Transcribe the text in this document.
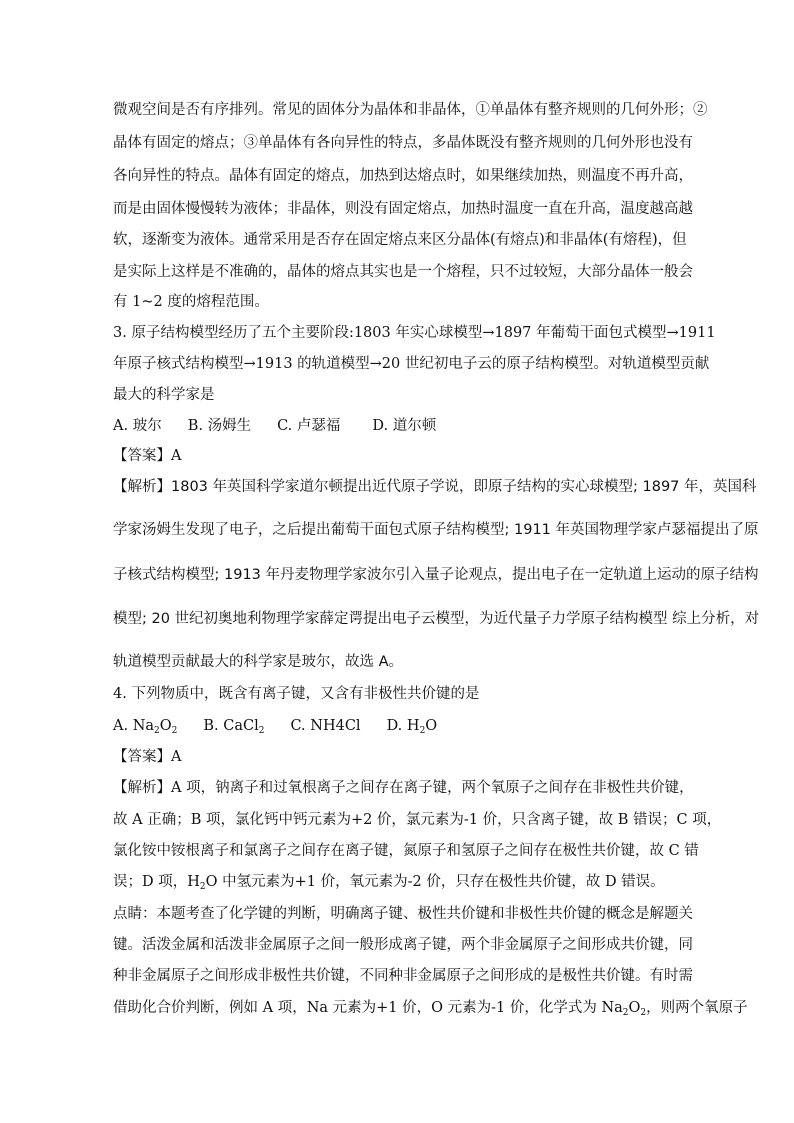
微观空间是否有序排列。常见的固体分为晶体和非晶体，①单晶体有整齐规则的几何外形；②
晶体有固定的熔点；③单晶体有各向异性的特点，多晶体既没有整齐规则的几何外形也没有
各向异性的特点。晶体有固定的熔点，加热到达熔点时，如果继续加热，则温度不再升高，
而是由固体慢慢转为液体；非晶体，则没有固定熔点，加热时温度一直在升高，温度越高越
软，逐渐变为液体。通常采用是否存在固定熔点来区分晶体(有熔点)和非晶体(有熔程)，但
是实际上这样是不准确的，晶体的熔点其实也是一个熔程，只不过较短，大部分晶体一般会
有 1~2 度的熔程范围。
3. 原子结构模型经历了五个主要阶段:1803 年实心球模型→1897 年葡萄干面包式模型→1911
年原子核式结构模型→1913 的轨道模型→20 世纪初电子云的原子结构模型。对轨道模型贡献
最大的科学家是
A. 玻尔 B. 汤姆生 C. 卢瑟福 D. 道尔顿
【答案】A
【解析】1803 年英国科学家道尔顿提出近代原子学说，即原子结构的实心球模型; 1897 年，英国科
学家汤姆生发现了电子，之后提出葡萄干面包式原子结构模型; 1911 年英国物理学家卢瑟福提出了原
子核式结构模型; 1913 年丹麦物理学家波尔引入量子论观点，提出电子在一定轨道上运动的原子结构
模型; 20 世纪初奥地利物理学家薛定谔提出电子云模型，为近代量子力学原子结构模型 综上分析，对
轨道模型贡献最大的科学家是玻尔，故选 A。
4. 下列物质中，既含有离子键，又含有非极性共价键的是
A. $Na_2O_2$ B. CaCl$_2$ C. NH4Cl D. $H_2O$
【答案】A
【解析】A 项，钠离子和过氧根离子之间存在离子键，两个氧原子之间存在非极性共价键，
故 A 正确；B 项，氯化钙中钙元素为+2 价，氯元素为-1 价，只含离子键，故 B 错误；C 项，
氯化铵中铵根离子和氯离子之间存在离子键，氮原子和氢原子之间存在极性共价键，故 C 错
误；D 项，$H_2O$ 中氢元素为+1 价，氧元素为-2 价，只存在极性共价键，故 D 错误。
点睛：本题考查了化学键的判断，明确离子键、极性共价键和非极性共价键的概念是解题关
键。活泼金属和活泼非金属原子之间一般形成离子键，两个非金属原子之间形成共价键，同
种非金属原子之间形成非极性共价键，不同种非金属原子之间形成的是极性共价键。有时需
借助化合价判断，例如 A 项，Na 元素为+1 价，O 元素为-1 价，化学式为 $Na_2O_2$，则两个氧原子
